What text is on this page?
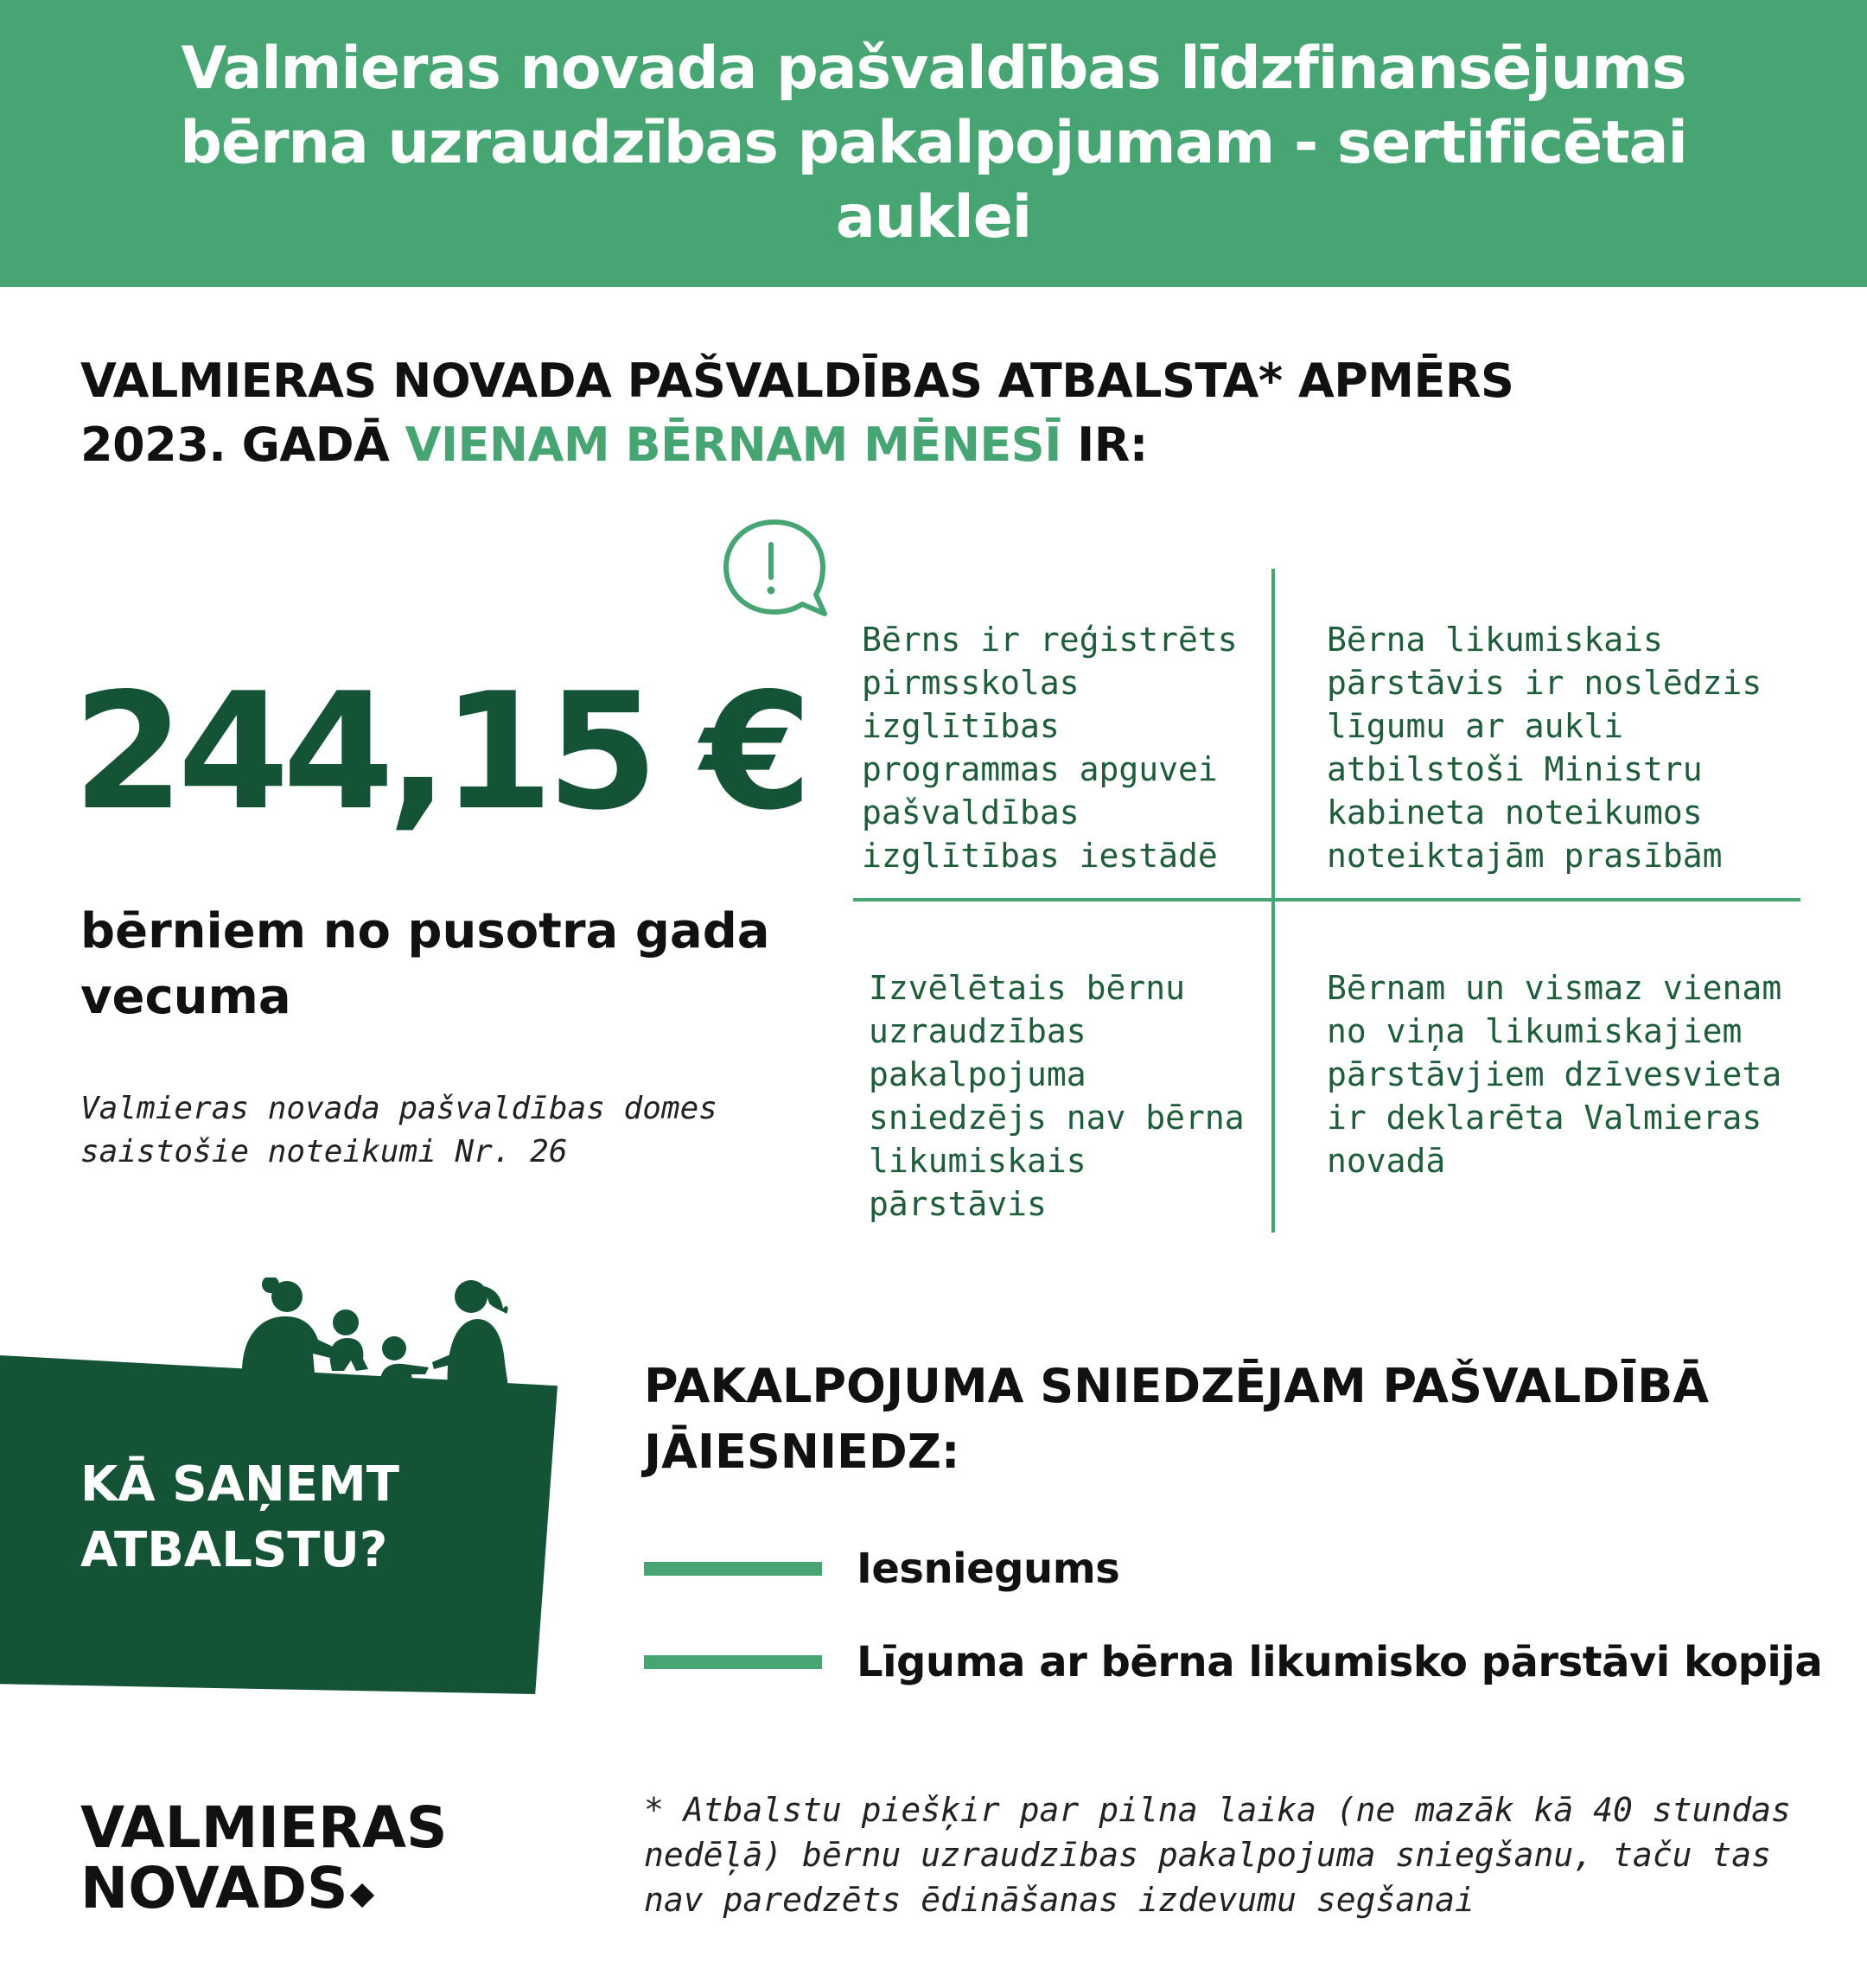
Valmieras novada pašvaldības līdzfinansējums bērna uzraudzības pakalpojumam - sertificētai auklei
VALMIERAS NOVADA PAŠVALDĪBAS ATBALSTA* APMĒRS 2023. GADĀ VIENAM BĒRNAM MĒNESĪ IR:
244,15 €
bērniem no pusotra gada vecuma
Valmieras novada pašvaldības domes saistošie noteikumi Nr. 26
Bērns ir reģistrēts pirmsskolas izglītības programmas apguvei pašvaldības izglītības iestādē
Bērna likumiskais pārstāvis ir noslēdzis līgumu ar aukli atbilstoši Ministru kabineta noteikumos noteiktajām prasībām
Izvēlētais bērnu uzraudzības pakalpojuma sniedzējs nav bērna likumiskais pārstāvis
Bērnam un vismaz vienam no viņa likumiskajiem pārstāvjiem dzīvesvieta ir deklarēta Valmieras novadā
KĀ SAŅEMT ATBALSTU?
PAKALPOJUMA SNIEDZĒJAM PAŠVALDĪBĀ JĀIESNIEDZ:
Iesniegums
Līguma ar bērna likumisko pārstāvi kopija
VALMIERAS
NOVADS
* Atbalstu piešķir par pilna laika (ne mazāk kā 40 stundas nedēļā) bērnu uzraudzības pakalpojuma sniegšanu, taču tas nav paredzēts ēdināšanas izdevumu segšanai
